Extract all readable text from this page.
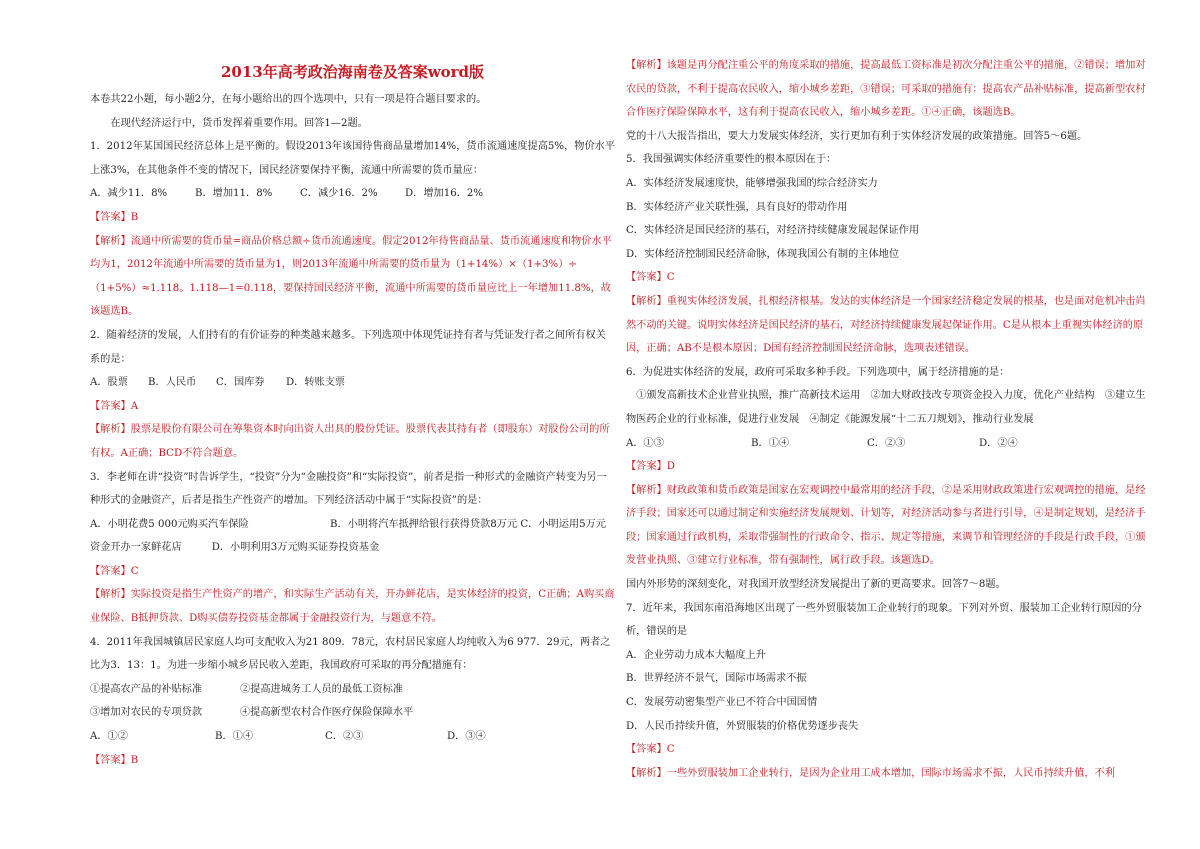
2013年高考政治海南卷及答案word版

本卷共22小题，每小题2分，在每小题给出的四个选项中，只有一项是符合题目要求的。

在现代经济运行中，货币发挥着重要作用。回答1—2题。

1．2012年某国国民经济总体上是平衡的。假设2013年该国待售商品量增加14%，货币流通速度提高5%，物价水平上涨3%，在其他条件不变的情况下，国民经济要保持平衡，流通中所需要的货币量应：

A．减少11．8%	B．增加11．8%	C．减少16．2%	D．增加16．2%

【答案】B

【解析】流通中所需要的货币量=商品价格总额÷货币流通速度。假定2012年待售商品量、货币流通速度和物价水平均为1，2012年流通中所需要的货币量为1，则2013年流通中所需要的货币量为（1+14%）×（1+3%）÷（1+5%）≈1.118。1.118—1=0.118，要保持国民经济平衡，流通中所需要的货币量应比上一年增加11.8%，故该题选B。

2．随着经济的发展，人们持有的有价证券的种类越来越多。下列选项中体现凭证持有者与凭证发行者之间所有权关系的是：

A．股票	B．人民币	C．国库券	D．转账支票

【答案】A

【解析】股票是股份有限公司在筹集资本时向出资人出具的股份凭证。股票代表其持有者（即股东）对股份公司的所有权。A正确；BCD不符合题意。

3．李老师在讲“投资”时告诉学生，“投资”分为“金融投资”和“实际投资”，前者是指一种形式的金融资产转变为另一种形式的金融资产，后者是指生产性资产的增加。下列经济活动中属于“实际投资”的是：

A．小明花费5 000元购买汽车保险	B．小明将汽车抵押给银行获得贷款8万元 C．小明运用5万元资金开办一家鲜花店	D．小明利用3万元购买证券投资基金

【答案】C

【解析】实际投资是指生产性资产的增产，和实际生产活动有关，开办鲜花店，是实体经济的投资，C正确；A购买商业保险、B抵押贷款、D购买债券投资基金都属于金融投资行为，与题意不符。

4．2011年我国城镇居民家庭人均可支配收入为21 809．78元，农村居民家庭人均纯收入为6 977．29元，两者之比为3．13：1。为进一步缩小城乡居民收入差距，我国政府可采取的再分配措施有：

①提高农产品的补贴标准	②提高进城务工人员的最低工资标准
③增加对农民的专项贷款	④提高新型农村合作医疗保险保障水平
A．①②	B．①④	C．②③	D．③④

【答案】B

【解析】该题是再分配注重公平的角度采取的措施，提高最低工资标准是初次分配注重公平的措施，②错误；增加对农民的贷款，不利于提高农民收入，缩小城乡差距，③错误；可采取的措施有：提高农产品补贴标准，提高新型农村合作医疗保险保障水平，这有利于提高农民收入，缩小城乡差距。①④正确，该题选B。

党的十八大报告指出，要大力发展实体经济，实行更加有利于实体经济发展的政策措施。回答5～6题。

5．我国强调实体经济重要性的根本原因在于：

A．实体经济发展速度快，能够增强我国的综合经济实力

B．实体经济产业关联性强，具有良好的带动作用

C．实体经济是国民经济的基石，对经济持续健康发展起保证作用

D．实体经济控制国民经济命脉，体现我国公有制的主体地位

【答案】C

【解析】重视实体经济发展，扎根经济根基。发达的实体经济是一个国家经济稳定发展的根基，也是面对危机冲击岿然不动的关键。说明实体经济是国民经济的基石，对经济持续健康发展起保证作用。C是从根本上重视实体经济的原因，正确；AB不是根本原因；D国有经济控制国民经济命脉，选项表述错误。

6．为促进实体经济的发展，政府可采取多种手段。下列选项中，属于经济措施的是：

①颁发高新技术企业营业执照，推广高新技术运用　②加大财政技改专项资金投入力度，优化产业结构　③建立生物医药企业的行业标准，促进行业发展　④制定《能源发展“十二五刀规划》，推动行业发展

A．①③	B．①④	C．②③	D．②④

【答案】D

【解析】财政政策和货币政策是国家在宏观调控中最常用的经济手段，②是采用财政政策进行宏观调控的措施，是经济手段；国家还可以通过制定和实施经济发展规划、计划等，对经济活动参与者进行引导，④是制定规划，是经济手段；国家通过行政机构，采取带强制性的行政命令、指示、规定等措施，来调节和管理经济的手段是行政手段，①颁发营业执照、③建立行业标准，带有强制性，属行政手段。该题选D。

国内外形势的深刻变化，对我国开放型经济发展提出了新的更高要求。回答7～8题。

7．近年来，我国东南沿海地区出现了一些外贸服装加工企业转行的现象。下列对外贸、服装加工企业转行原因的分析，错误的是

A．企业劳动力成本大幅度上升

B．世界经济不景气，国际市场需求不振

C．发展劳动密集型产业已不符合中国国情

D．人民币持续升值，外贸服装的价格优势逐步丧失

【答案】C

【解析】一些外贸服装加工企业转行，是因为企业用工成本增加，国际市场需求不振，人民币持续升值，不利
